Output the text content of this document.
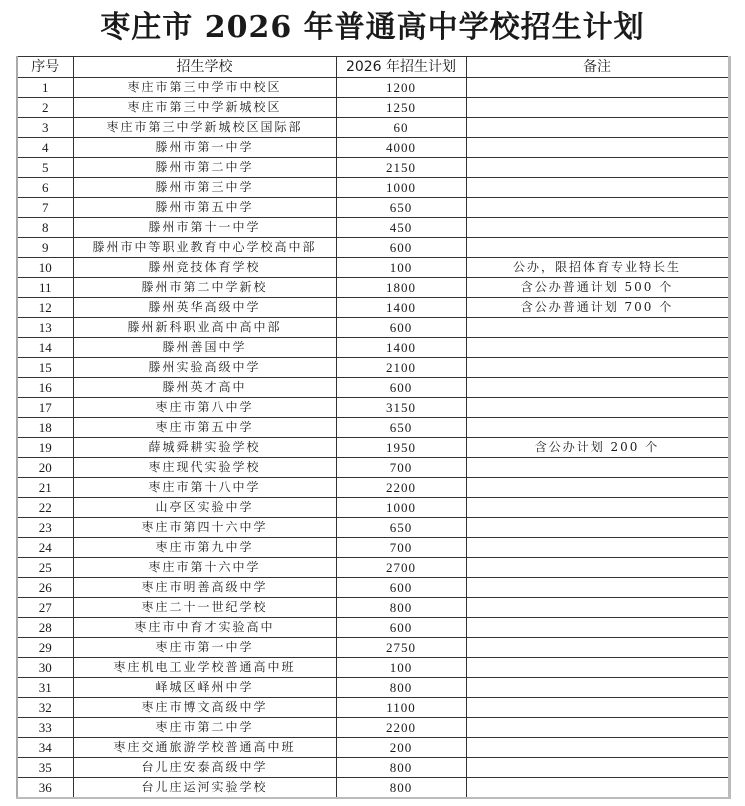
枣庄市 2026 年普通高中学校招生计划
序号	招生学校	2026 年招生计划	备注
1	枣庄市第三中学市中校区	1200	
2	枣庄市第三中学新城校区	1250	
3	枣庄市第三中学新城校区国际部	60	
4	滕州市第一中学	4000	
5	滕州市第二中学	2150	
6	滕州市第三中学	1000	
7	滕州市第五中学	650	
8	滕州市第十一中学	450	
9	滕州市中等职业教育中心学校高中部	600	
10	滕州竞技体育学校	100	公办，限招体育专业特长生
11	滕州市第二中学新校	1800	含公办普通计划 500 个
12	滕州英华高级中学	1400	含公办普通计划 700 个
13	滕州新科职业高中高中部	600	
14	滕州善国中学	1400	
15	滕州实验高级中学	2100	
16	滕州英才高中	600	
17	枣庄市第八中学	3150	
18	枣庄市第五中学	650	
19	薛城舜耕实验学校	1950	含公办计划 200 个
20	枣庄现代实验学校	700	
21	枣庄市第十八中学	2200	
22	山亭区实验中学	1000	
23	枣庄市第四十六中学	650	
24	枣庄市第九中学	700	
25	枣庄市第十六中学	2700	
26	枣庄市明善高级中学	600	
27	枣庄二十一世纪学校	800	
28	枣庄市中育才实验高中	600	
29	枣庄市第一中学	2750	
30	枣庄机电工业学校普通高中班	100	
31	峄城区峄州中学	800	
32	枣庄市博文高级中学	1100	
33	枣庄市第二中学	2200	
34	枣庄交通旅游学校普通高中班	200	
35	台儿庄安泰高级中学	800	
36	台儿庄运河实验学校	800	
